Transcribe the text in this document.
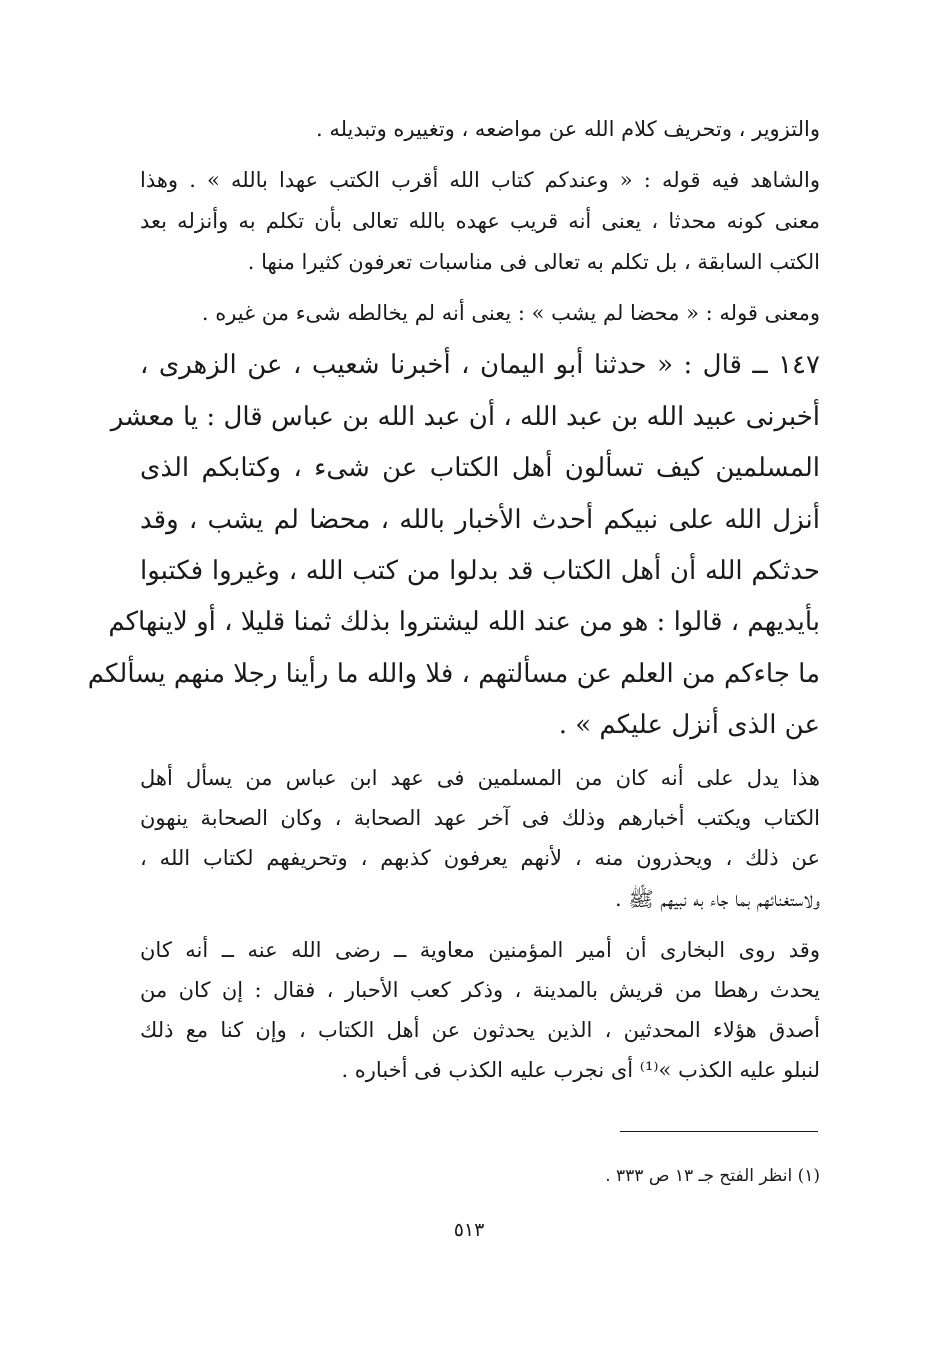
والتزوير ، وتحريف كلام الله عن مواضعه ، وتغييره وتبديله .
والشاهد فيه قوله : « وعندكم كتاب الله أقرب الكتب عهدا بالله » . وهذا
معنى كونه محدثا ، يعنى أنه قريب عهده بالله تعالى بأن تكلم به وأنزله بعد
الكتب السابقة ، بل تكلم به تعالى فى مناسبات تعرفون كثيرا منها .
ومعنى قوله : « محضا لم يشب » : يعنى أنه لم يخالطه شىء من غيره .
١٤٧ ــ قال : « حدثنا أبو اليمان ، أخبرنا شعيب ، عن الزهرى ،
أخبرنى عبيد الله بن عبد الله ، أن عبد الله بن عباس قال : يا معشر
المسلمين كيف تسألون أهل الكتاب عن شىء ، وكتابكم الذى
أنزل الله على نبيكم أحدث الأخبار بالله ، محضا لم يشب ، وقد
حدثكم الله أن أهل الكتاب قد بدلوا من كتب الله ، وغيروا فكتبوا
بأيديهم ، قالوا : هو من عند الله ليشتروا بذلك ثمنا قليلا ، أو لاينهاكم
ما جاءكم من العلم عن مسألتهم ، فلا والله ما رأينا رجلا منهم يسألكم
عن الذى أنزل عليكم » .
هذا يدل على أنه كان من المسلمين فى عهد ابن عباس من يسأل أهل
الكتاب ويكتب أخبارهم وذلك فى آخر عهد الصحابة ، وكان الصحابة ينهون
عن ذلك ، ويحذرون منه ، لأنهم يعرفون كذبهم ، وتحريفهم لكتاب الله ،
ولاستغنائهم بما جاء به نبيهم ﷺ .
وقد روى البخارى أن أمير المؤمنين معاوية ــ رضى الله عنه ــ أنه كان
يحدث رهطا من قريش بالمدينة ، وذكر كعب الأحبار ، فقال : إن كان من
أصدق هؤلاء المحدثين ، الذين يحدثون عن أهل الكتاب ، وإن كنا مع ذلك
لنبلو عليه الكذب »⁽¹⁾ أى نجرب عليه الكذب فى أخباره .
(١) انظر الفتح جـ ١٣ ص ٣٣٣ .
٥١٣
